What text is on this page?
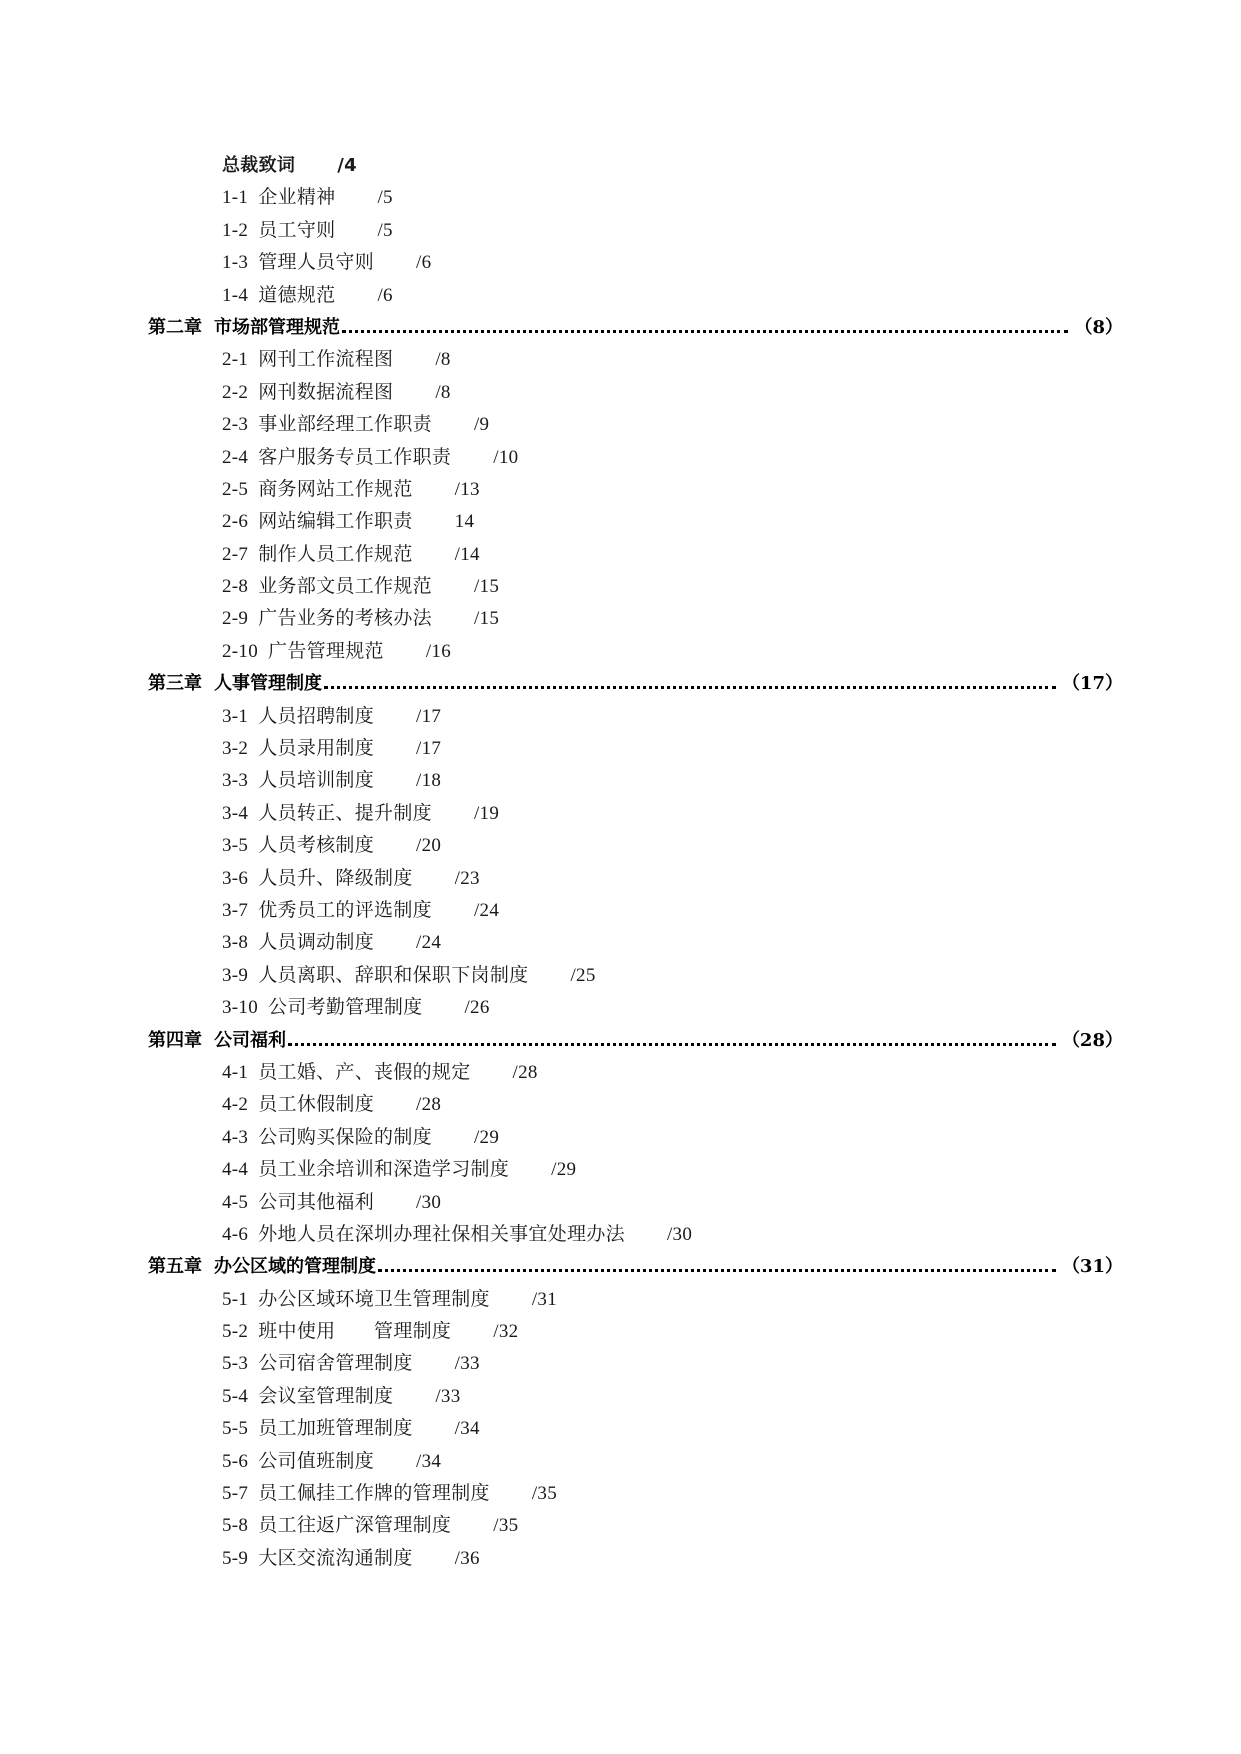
总裁致词 /4
1-1 企业精神 /5
1-2 员工守则 /5
1-3 管理人员守则 /6
1-4 道德规范 /6
第二章 市场部管理规范	（8）
2-1 网刊工作流程图 /8
2-2 网刊数据流程图 /8
2-3 事业部经理工作职责 /9
2-4 客户服务专员工作职责 /10
2-5 商务网站工作规范 /13
2-6 网站编辑工作职责 14
2-7 制作人员工作规范 /14
2-8 业务部文员工作规范 /15
2-9 广告业务的考核办法 /15
2-10 广告管理规范 /16
第三章 人事管理制度	（17）
3-1 人员招聘制度 /17
3-2 人员录用制度 /17
3-3 人员培训制度 /18
3-4 人员转正、提升制度 /19
3-5 人员考核制度 /20
3-6 人员升、降级制度 /23
3-7 优秀员工的评选制度 /24
3-8 人员调动制度 /24
3-9 人员离职、辞职和保职下岗制度 /25
3-10 公司考勤管理制度 /26
第四章 公司福利	（28）
4-1 员工婚、产、丧假的规定 /28
4-2 员工休假制度 /28
4-3 公司购买保险的制度 /29
4-4 员工业余培训和深造学习制度 /29
4-5 公司其他福利 /30
4-6 外地人员在深圳办理社保相关事宜处理办法 /30
第五章 办公区域的管理制度	（31）
5-1 办公区域环境卫生管理制度 /31
5-2 班中使用　　管理制度 /32
5-3 公司宿舍管理制度 /33
5-4 会议室管理制度 /33
5-5 员工加班管理制度 /34
5-6 公司值班制度 /34
5-7 员工佩挂工作牌的管理制度 /35
5-8 员工往返广深管理制度 /35
5-9 大区交流沟通制度 /36
